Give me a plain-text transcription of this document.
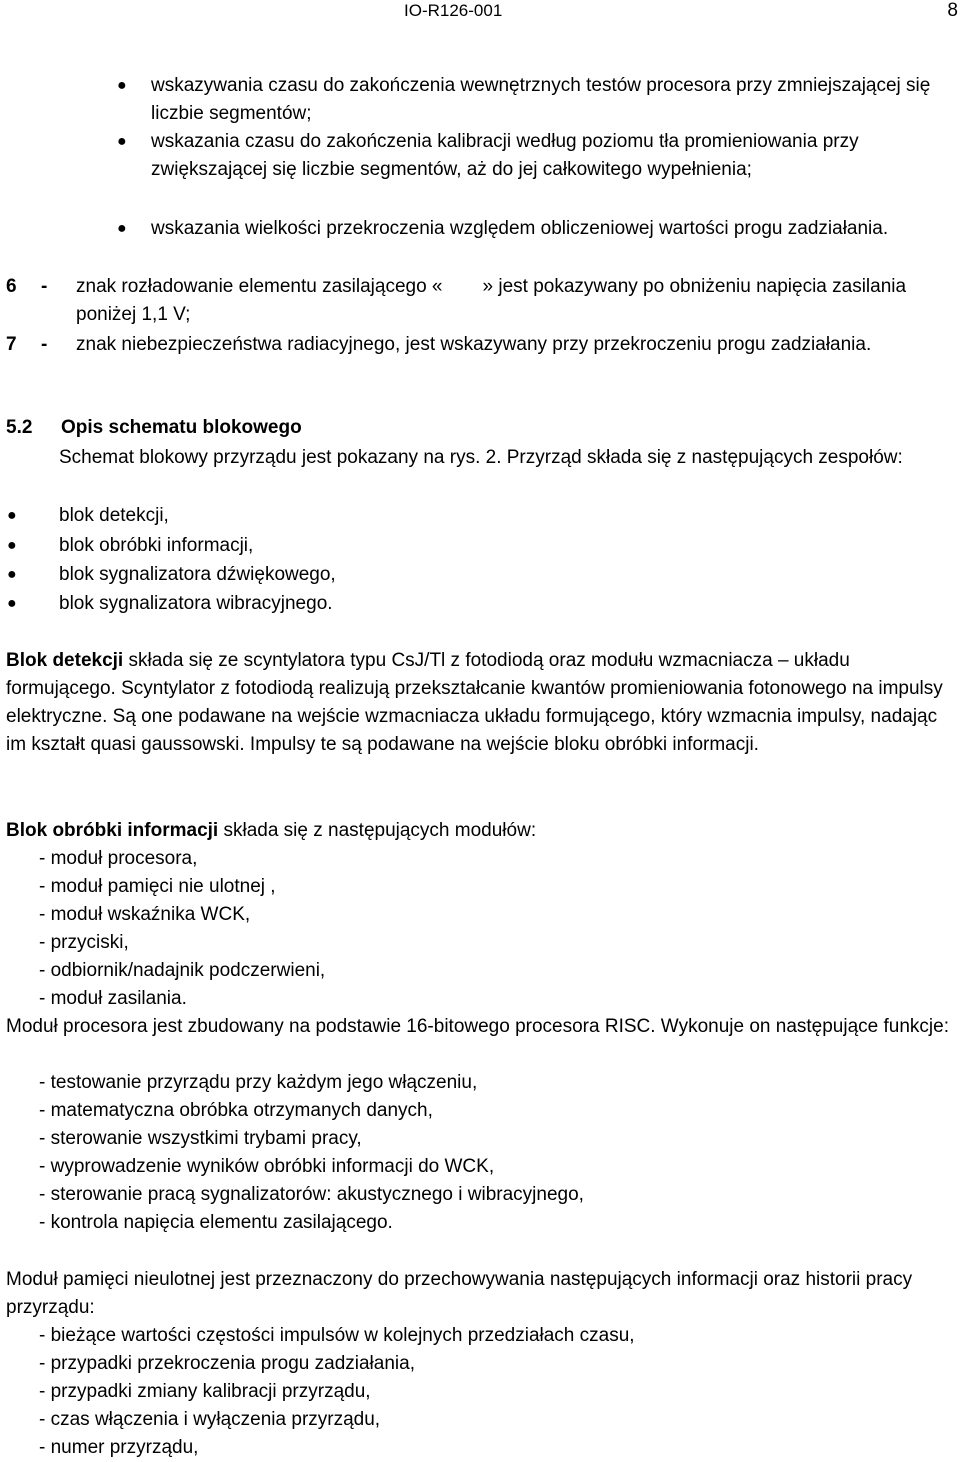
IO-R126-001	8

● wskazywania czasu do zakończenia wewnętrznych testów procesora przy zmniejszającej się liczbie segmentów;

● wskazania czasu do zakończenia kalibracji według poziomu tła promieniowania przy zwiększającej się liczbie segmentów, aż do jej całkowitego wypełnienia;

● wskazania wielkości przekroczenia względem obliczeniowej wartości progu zadziałania.

6 - znak rozładowanie elementu zasilającego « » jest pokazywany po obniżeniu napięcia zasilania poniżej 1,1 V;
7 - znak niebezpieczeństwa radiacyjnego, jest wskazywany przy przekroczeniu progu zadziałania.
5.2 Opis schematu blokowego

Schemat blokowy przyrządu jest pokazany na rys. 2. Przyrząd składa się z następujących zespołów:

● blok detekcji,
● blok obróbki informacji,
● blok sygnalizatora dźwiękowego,
● blok sygnalizatora wibracyjnego.

Blok detekcji składa się ze scyntylatora typu CsJ/Tl z fotodiodą oraz modułu wzmacniacza – układu formującego. Scyntylator z fotodiodą realizują przekształcanie kwantów promieniowania fotonowego na impulsy elektryczne. Są one podawane na wejście wzmacniacza układu formującego, który wzmacnia impulsy, nadając im kształt quasi gaussowski. Impulsy te są podawane na wejście bloku obróbki informacji.

Blok obróbki informacji składa się z następujących modułów:

- moduł procesora,
- moduł pamięci nie ulotnej ,
- moduł wskaźnika WCK,
- przyciski,
- odbiornik/nadajnik podczerwieni,
- moduł zasilania.

Moduł procesora jest zbudowany na podstawie 16-bitowego procesora RISC. Wykonuje on następujące funkcje:

- testowanie przyrządu przy każdym jego włączeniu,
- matematyczna obróbka otrzymanych danych,
- sterowanie wszystkimi trybami pracy,
- wyprowadzenie wyników obróbki informacji do WCK,
- sterowanie pracą sygnalizatorów: akustycznego i wibracyjnego,
- kontrola napięcia elementu zasilającego.

Moduł pamięci nieulotnej jest przeznaczony do przechowywania następujących informacji oraz historii pracy przyrządu:

- bieżące wartości częstości impulsów w kolejnych przedziałach czasu,
- przypadki przekroczenia progu zadziałania,
- przypadki zmiany kalibracji przyrządu,
- czas włączenia i wyłączenia przyrządu,
- numer przyrządu,
